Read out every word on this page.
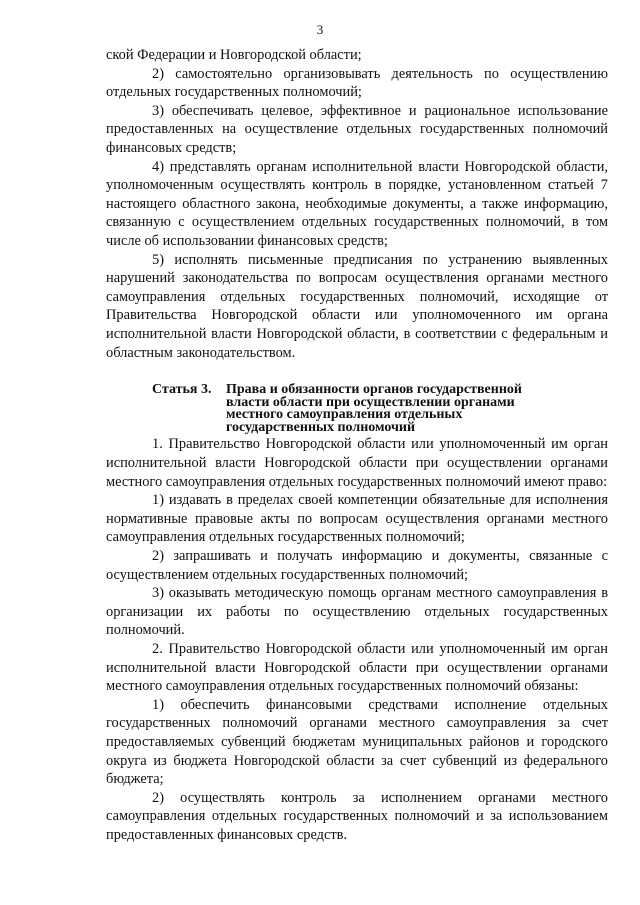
3

ской Федерации и Новгородской области;

2) самостоятельно организовывать деятельность по осуществлению отдельных государственных полномочий;

3) обеспечивать целевое, эффективное и рациональное использование предоставленных на осуществление отдельных государственных полномочий финансовых средств;

4) представлять органам исполнительной власти Новгородской области, уполномоченным осуществлять контроль в порядке, установленном статьей 7 настоящего областного закона, необходимые документы, а также информацию, связанную с осуществлением отдельных государственных полномочий, в том числе об использовании финансовых средств;

5) исполнять письменные предписания по устранению выявленных нарушений законодательства по вопросам осуществления органами местного самоуправления отдельных государственных полномочий, исходящие от Правительства Новгородской области или уполномоченного им органа исполнительной власти Новгородской области, в соответствии с федеральным и областным законодательством.

Статья 3.	Права и обязанности органов государственной власти области при осуществлении органами местного самоуправления отдельных государственных полномочий

1. Правительство Новгородской области или уполномоченный им орган исполнительной власти Новгородской области при осуществлении органами местного самоуправления отдельных государственных полномочий имеют право:

1) издавать в пределах своей компетенции обязательные для исполнения нормативные правовые акты по вопросам осуществления органами местного самоуправления отдельных государственных полномочий;

2) запрашивать и получать информацию и документы, связанные с осуществлением отдельных государственных полномочий;

3) оказывать методическую помощь органам местного самоуправления в организации их работы по осуществлению отдельных государственных полномочий.

2. Правительство Новгородской области или уполномоченный им орган исполнительной власти Новгородской области при осуществлении органами местного самоуправления отдельных государственных полномочий обязаны:

1) обеспечить финансовыми средствами исполнение отдельных государственных полномочий органами местного самоуправления за счет предоставляемых субвенций бюджетам муниципальных районов и городского округа из бюджета Новгородской области за счет субвенций из федерального бюджета;

2) осуществлять контроль за исполнением органами местного самоуправления отдельных государственных полномочий и за использованием предоставленных финансовых средств.
